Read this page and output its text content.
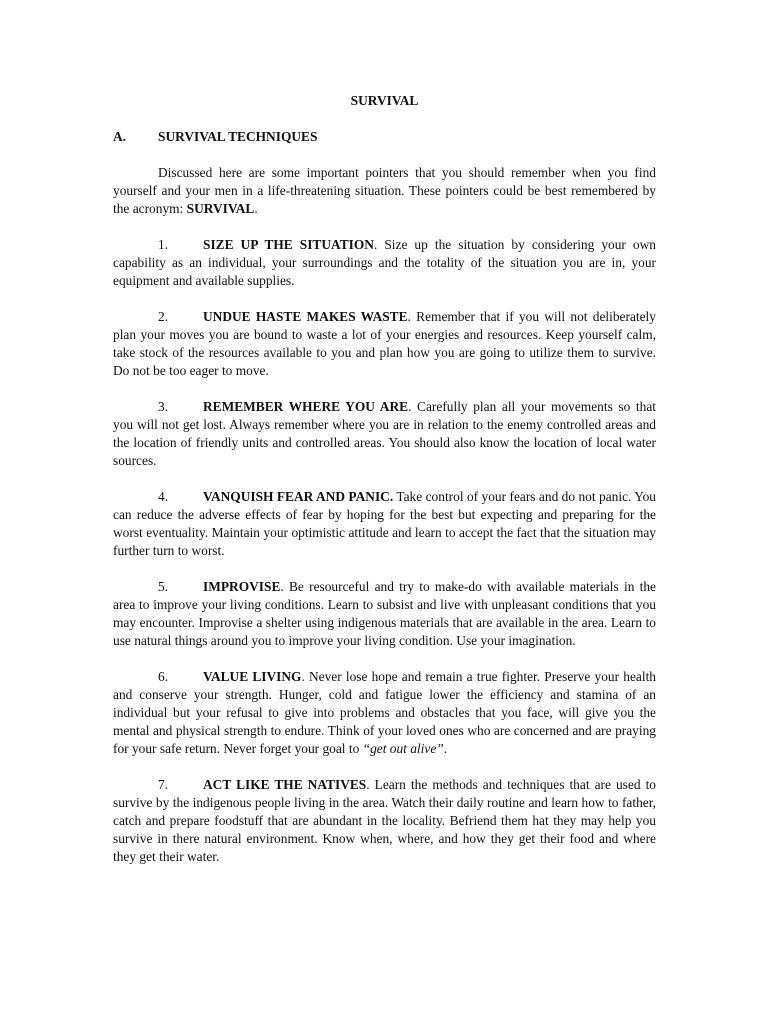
SURVIVAL

A.	SURVIVAL TECHNIQUES

Discussed here are some important pointers that you should remember when you find yourself and your men in a life-threatening situation. These pointers could be best remembered by the acronym: SURVIVAL.

1.	SIZE UP THE SITUATION. Size up the situation by considering your own capability as an individual, your surroundings and the totality of the situation you are in, your equipment and available supplies.

2.	UNDUE HASTE MAKES WASTE. Remember that if you will not deliberately plan your moves you are bound to waste a lot of your energies and resources. Keep yourself calm, take stock of the resources available to you and plan how you are going to utilize them to survive. Do not be too eager to move.

3.	REMEMBER WHERE YOU ARE. Carefully plan all your movements so that you will not get lost. Always remember where you are in relation to the enemy controlled areas and the location of friendly units and controlled areas. You should also know the location of local water sources.

4.	VANQUISH FEAR AND PANIC. Take control of your fears and do not panic. You can reduce the adverse effects of fear by hoping for the best but expecting and preparing for the worst eventuality. Maintain your optimistic attitude and learn to accept the fact that the situation may further turn to worst.

5.	IMPROVISE. Be resourceful and try to make-do with available materials in the area to improve your living conditions. Learn to subsist and live with unpleasant conditions that you may encounter. Improvise a shelter using indigenous materials that are available in the area. Learn to use natural things around you to improve your living condition. Use your imagination.

6.	VALUE LIVING. Never lose hope and remain a true fighter. Preserve your health and conserve your strength. Hunger, cold and fatigue lower the efficiency and stamina of an individual but your refusal to give into problems and obstacles that you face, will give you the mental and physical strength to endure. Think of your loved ones who are concerned and are praying for your safe return. Never forget your goal to “get out alive”.

7.	ACT LIKE THE NATIVES. Learn the methods and techniques that are used to survive by the indigenous people living in the area. Watch their daily routine and learn how to father, catch and prepare foodstuff that are abundant in the locality. Befriend them hat they may help you survive in there natural environment. Know when, where, and how they get their food and where they get their water.
